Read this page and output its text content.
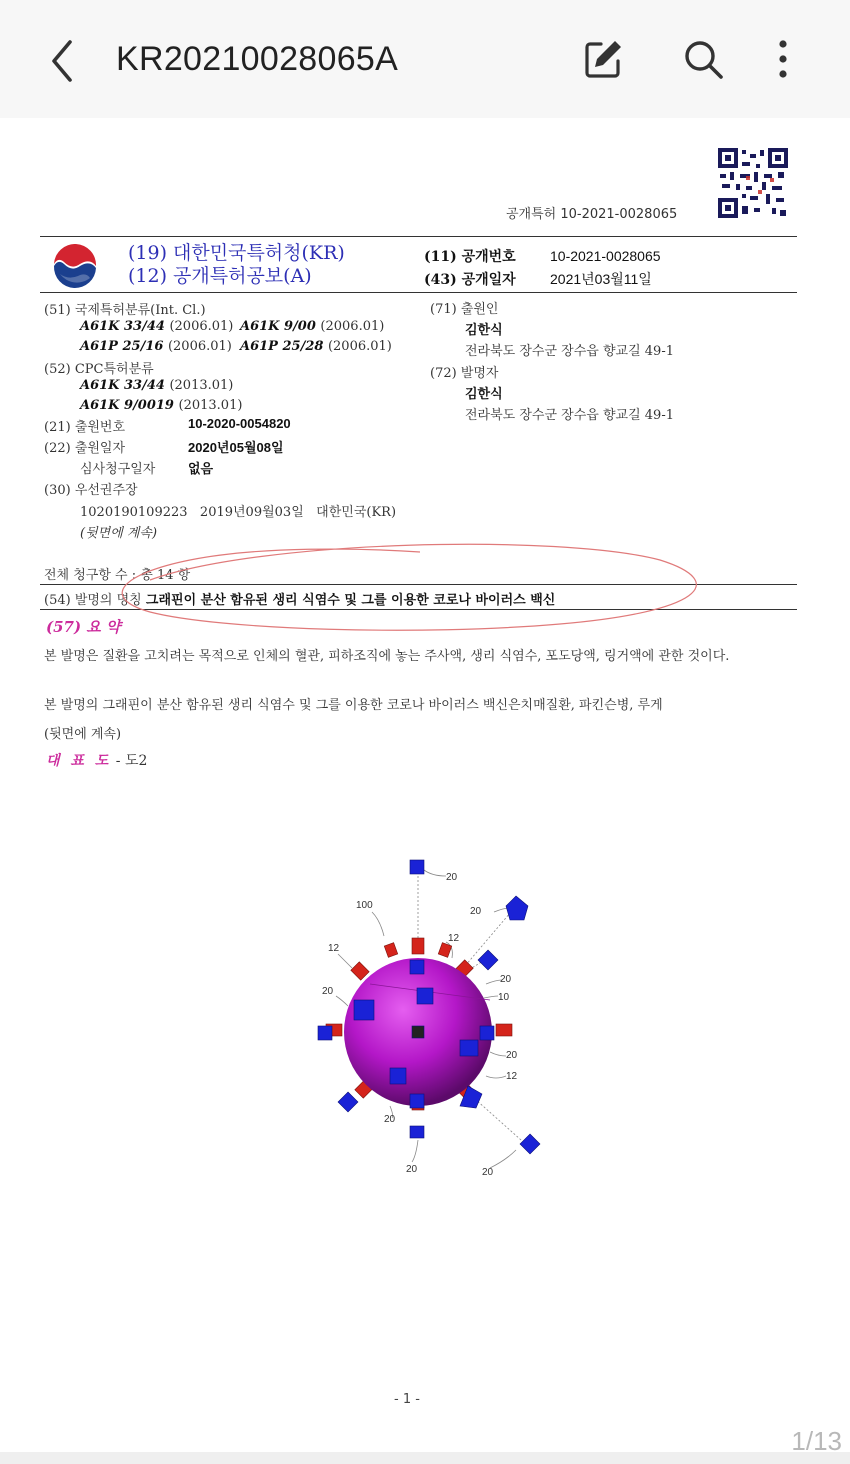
KR20210028065A
공개특허 10-2021-0028065
(19) 대한민국특허청(KR)
(12) 공개특허공보(A)
(11) 공개번호 10-2021-0028065
(43) 공개일자 2021년03월11일
(51) 국제특허분류(Int. Cl.)
A61K 33/44 (2006.01) A61K 9/00 (2006.01)
A61P 25/16 (2006.01) A61P 25/28 (2006.01)
(52) CPC특허분류
A61K 33/44 (2013.01)
A61K 9/0019 (2013.01)
(21) 출원번호	10-2020-0054820
(22) 출원일자	2020년05월08일
심사청구일자	없음
(30) 우선권주장
1020190109223   2019년09월03일   대한민국(KR)
(뒷면에 계속)
(71) 출원인
김한식
전라북도 장수군 장수읍 향교길 49-1
(72) 발명자
김한식
전라북도 장수군 장수읍 향교길 49-1
전체 청구항 수 : 총 14 항
(54) 발명의 명칭 그래핀이 분산 함유된 생리 식염수 및 그를 이용한 코로나 바이러스 백신
(57) 요 약
본 발명은 질환을 고치려는 목적으로 인체의 혈관, 피하조직에 놓는 주사액, 생리 식염수, 포도당액, 링거액에 관한 것이다.
본 발명의 그래핀이 분산 함유된 생리 식염수 및 그를 이용한 코로나 바이러스 백신은치매질환, 파킨슨병, 루게
(뒷면에 계속)
대 표 도 - 도2
20
100
20
12
12
20
20
10
20
12
20
20	20
- 1 -
1/13
